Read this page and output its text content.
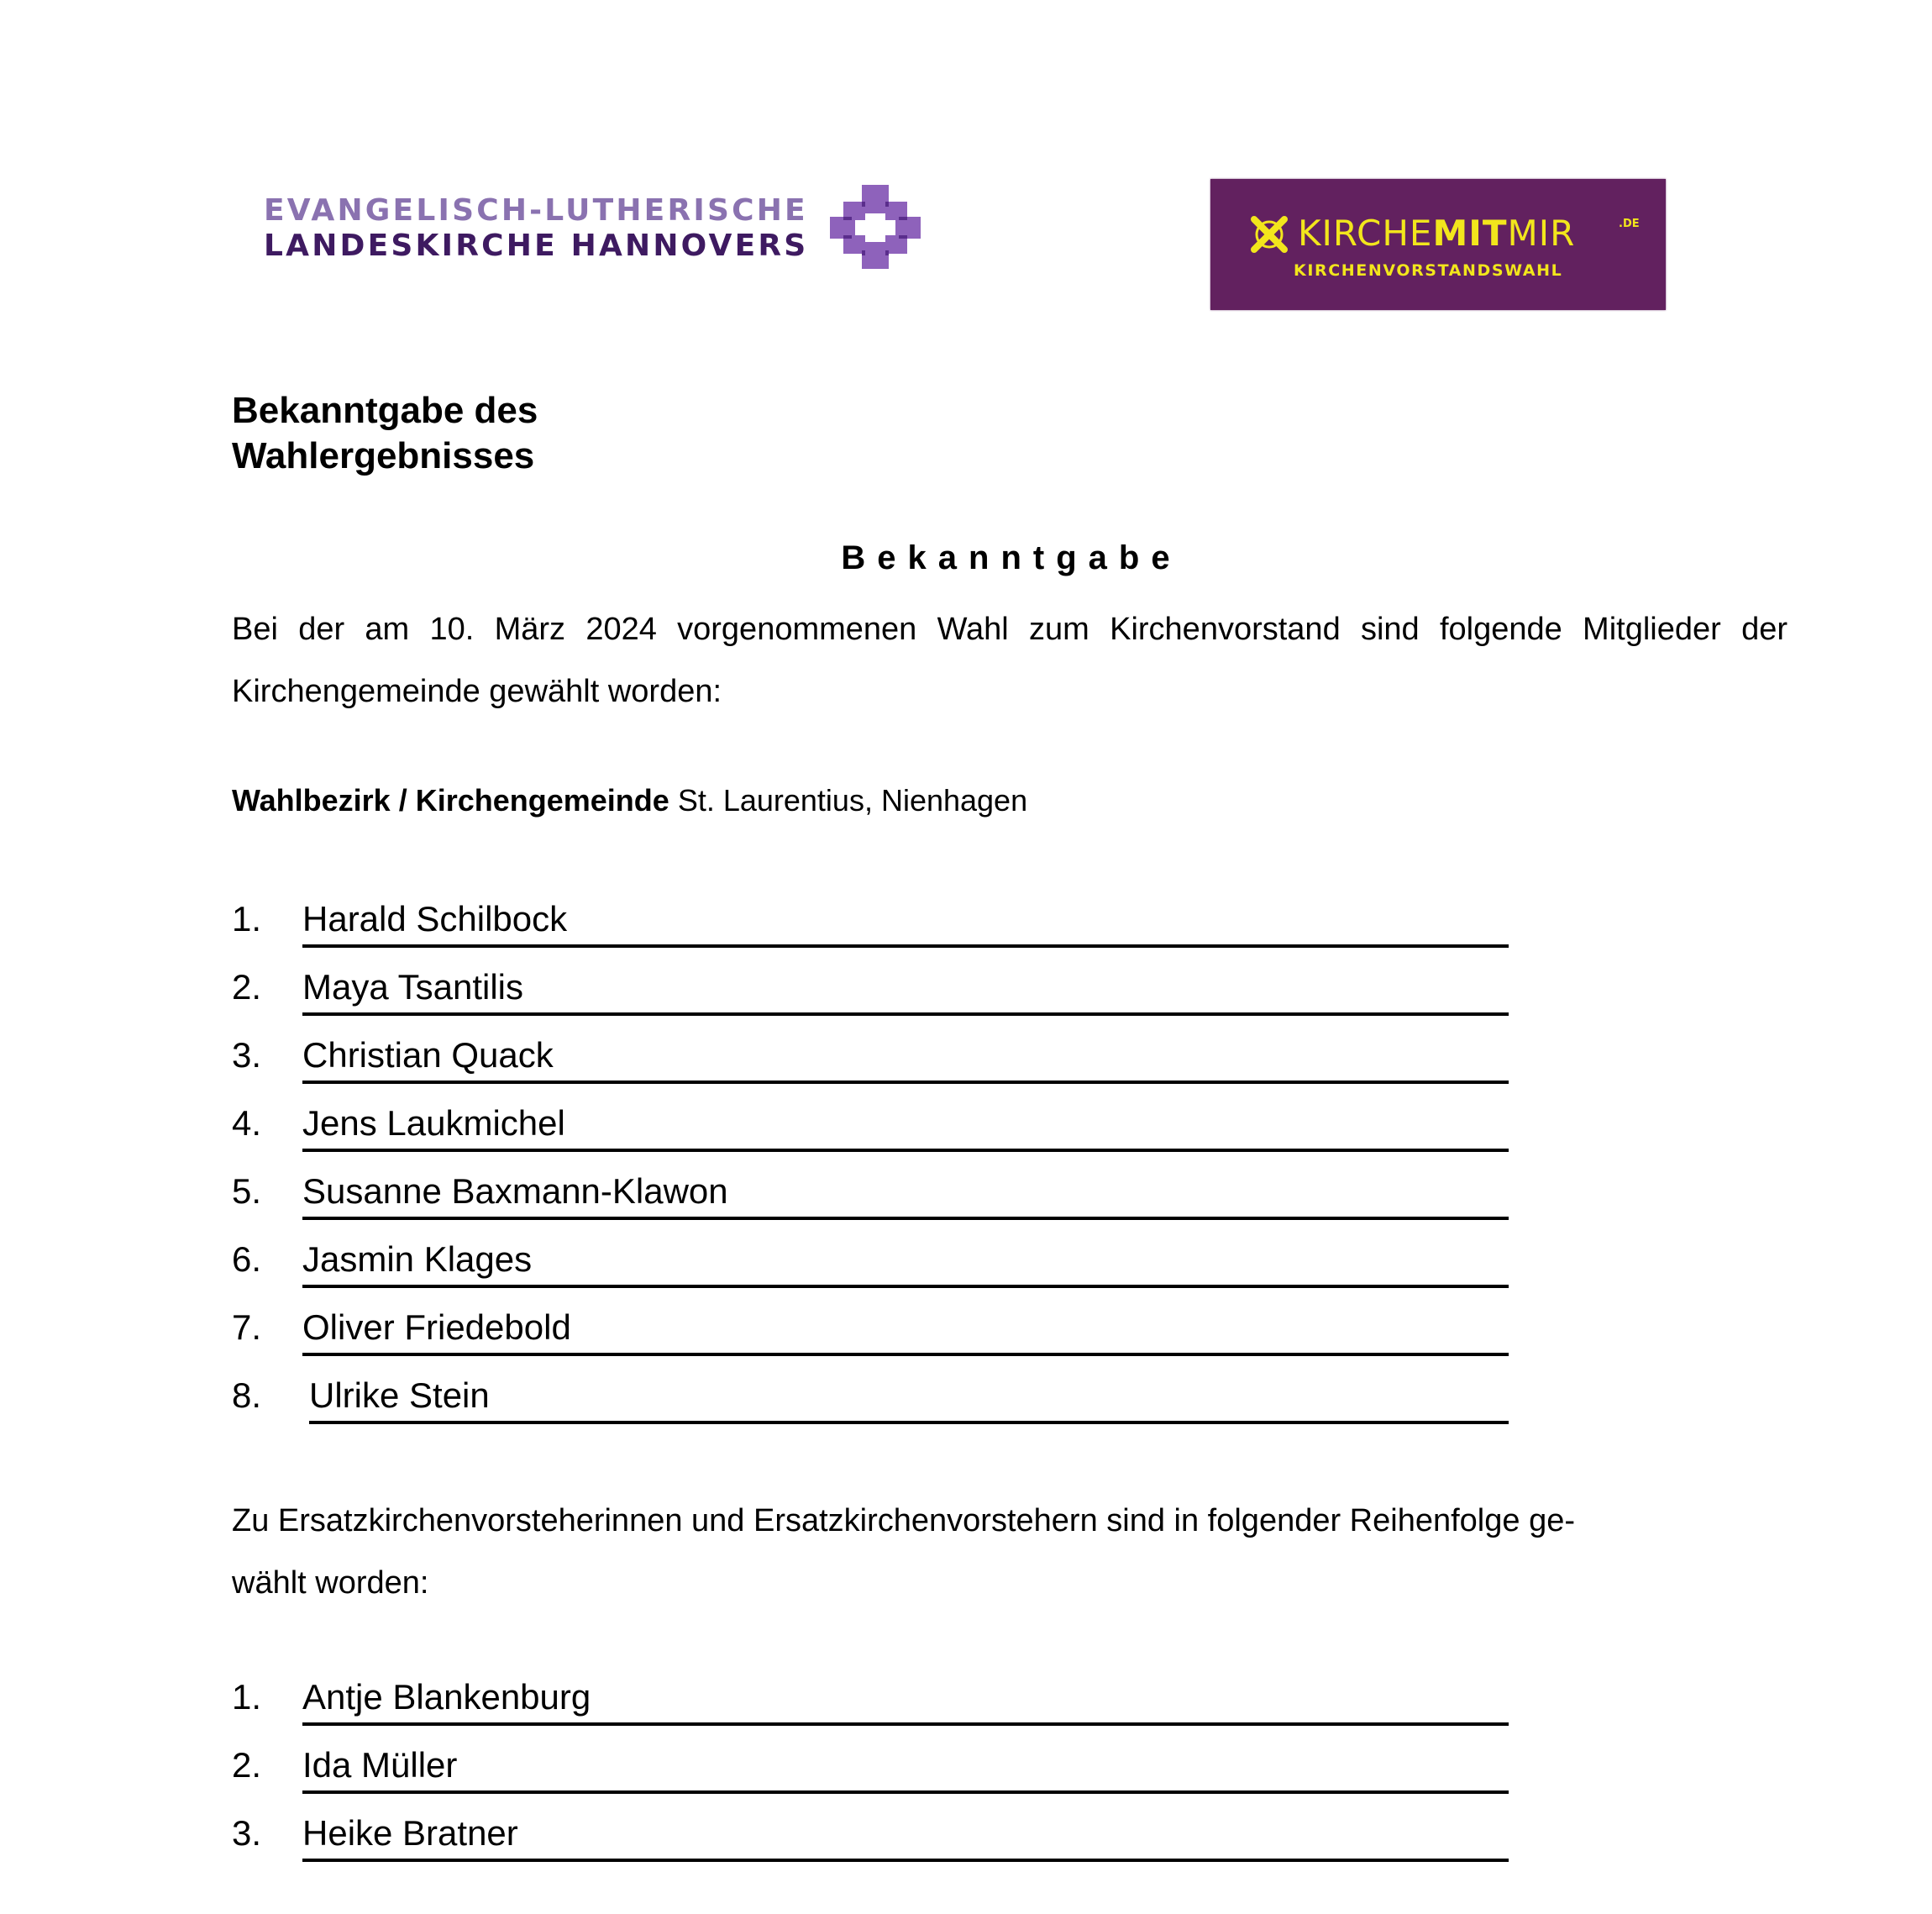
EVANGELISCH-LUTHERISCHE
LANDESKIRCHE HANNOVERS	KIRCHEMITMIR	.DE
KIRCHENVORSTANDSWAHL
Bekanntgabe des
Wahlergebnisses
Bekanntgabe
Bei der am 10. März 2024 vorgenommenen Wahl zum Kirchenvorstand sind folgende Mitglieder der Kirchengemeinde gewählt worden:
Wahlbezirk / Kirchengemeinde St. Laurentius, Nienhagen
1. Harald Schilbock
2. Maya Tsantilis
3. Christian Quack
4. Jens Laukmichel
5. Susanne Baxmann-Klawon
6. Jasmin Klages
7. Oliver Friedebold
8. Ulrike Stein
Zu Ersatzkirchenvorsteherinnen und Ersatzkirchenvorstehern sind in folgender Reihenfolge ge-
wählt worden:
1. Antje Blankenburg
2. Ida Müller
3. Heike Bratner
